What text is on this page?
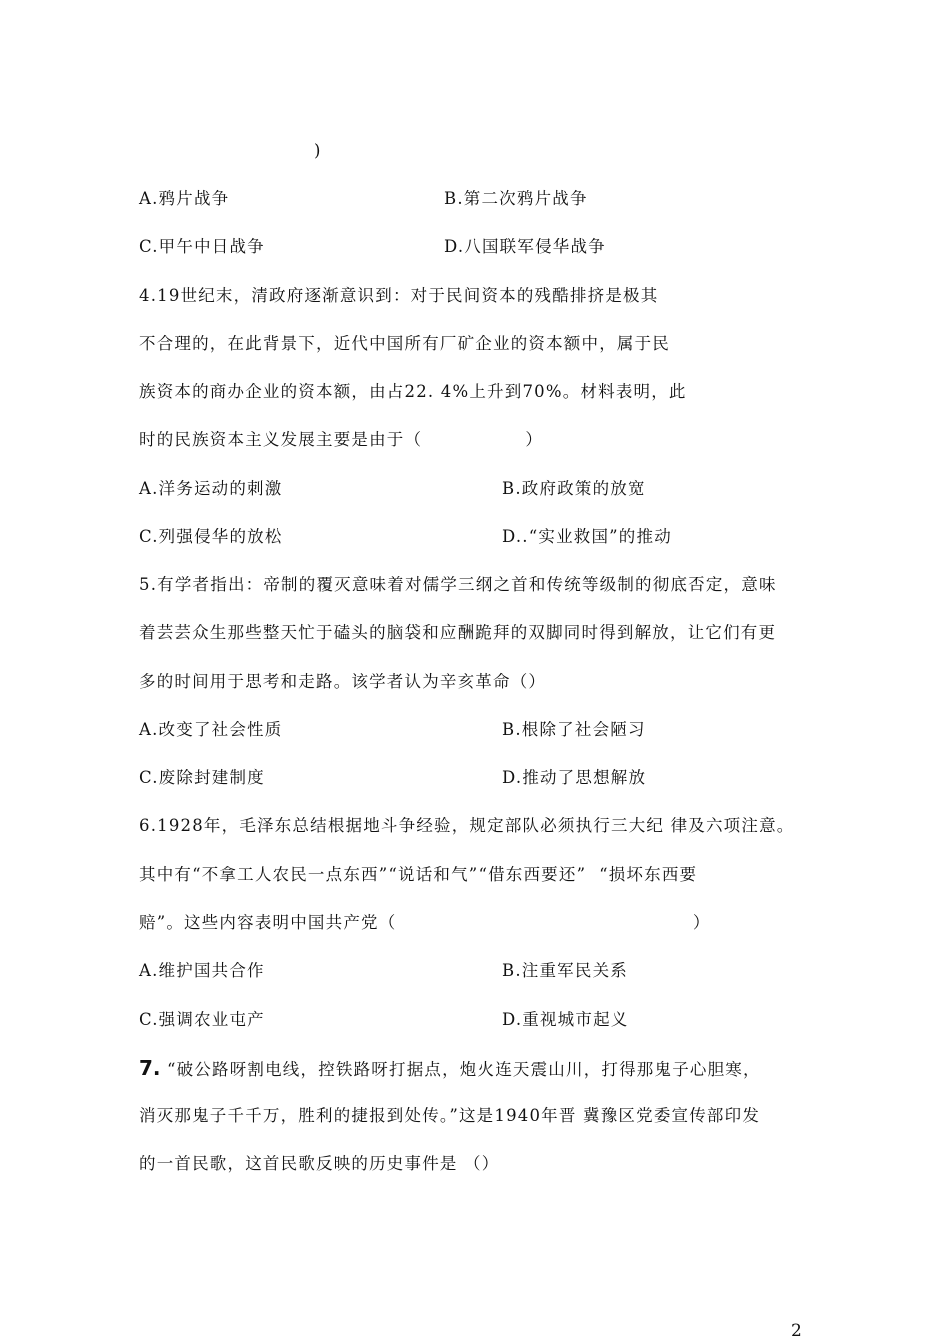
)
A.鸦片战争	B.第二次鸦片战争
C.甲午中日战争	D.八国联军侵华战争
4.19世纪末，清政府逐渐意识到：对于民间资本的残酷排挤是极其
不合理的，在此背景下，近代中国所有厂矿企业的资本额中，属于民
族资本的商办企业的资本额，由占22. 4%上升到70%。材料表明，此
时的民族资本主义发展主要是由于（                ）
A.洋务运动的刺激	B.政府政策的放宽
C.列强侵华的放松	D..“实业救国”的推动
5.有学者指出：帝制的覆灭意味着对儒学三纲之首和传统等级制的彻底否定，意味
着芸芸众生那些整天忙于磕头的脑袋和应酬跪拜的双脚同时得到解放，让它们有更
多的时间用于思考和走路。该学者认为辛亥革命（）
A.改变了社会性质	B.根除了社会陋习
C.废除封建制度	D.推动了思想解放
6.1928年，毛泽东总结根据地斗争经验，规定部队必须执行三大纪 律及六项注意。
其中有“不拿工人农民一点东西”“说话和气”“借东西要还”  “损坏东西要
赔”。这些内容表明中国共产党（                                              ）
A.维护国共合作	B.注重军民关系
C.强调农业屯产	D.重视城市起义
7. “破公路呀割电线，控铁路呀打据点，炮火连天震山川，打得那鬼子心胆寒，
消灭那鬼子千千万，胜利的捷报到处传。”这是1940年晋 冀豫区党委宣传部印发
的一首民歌，这首民歌反映的历史事件是 （）
2
